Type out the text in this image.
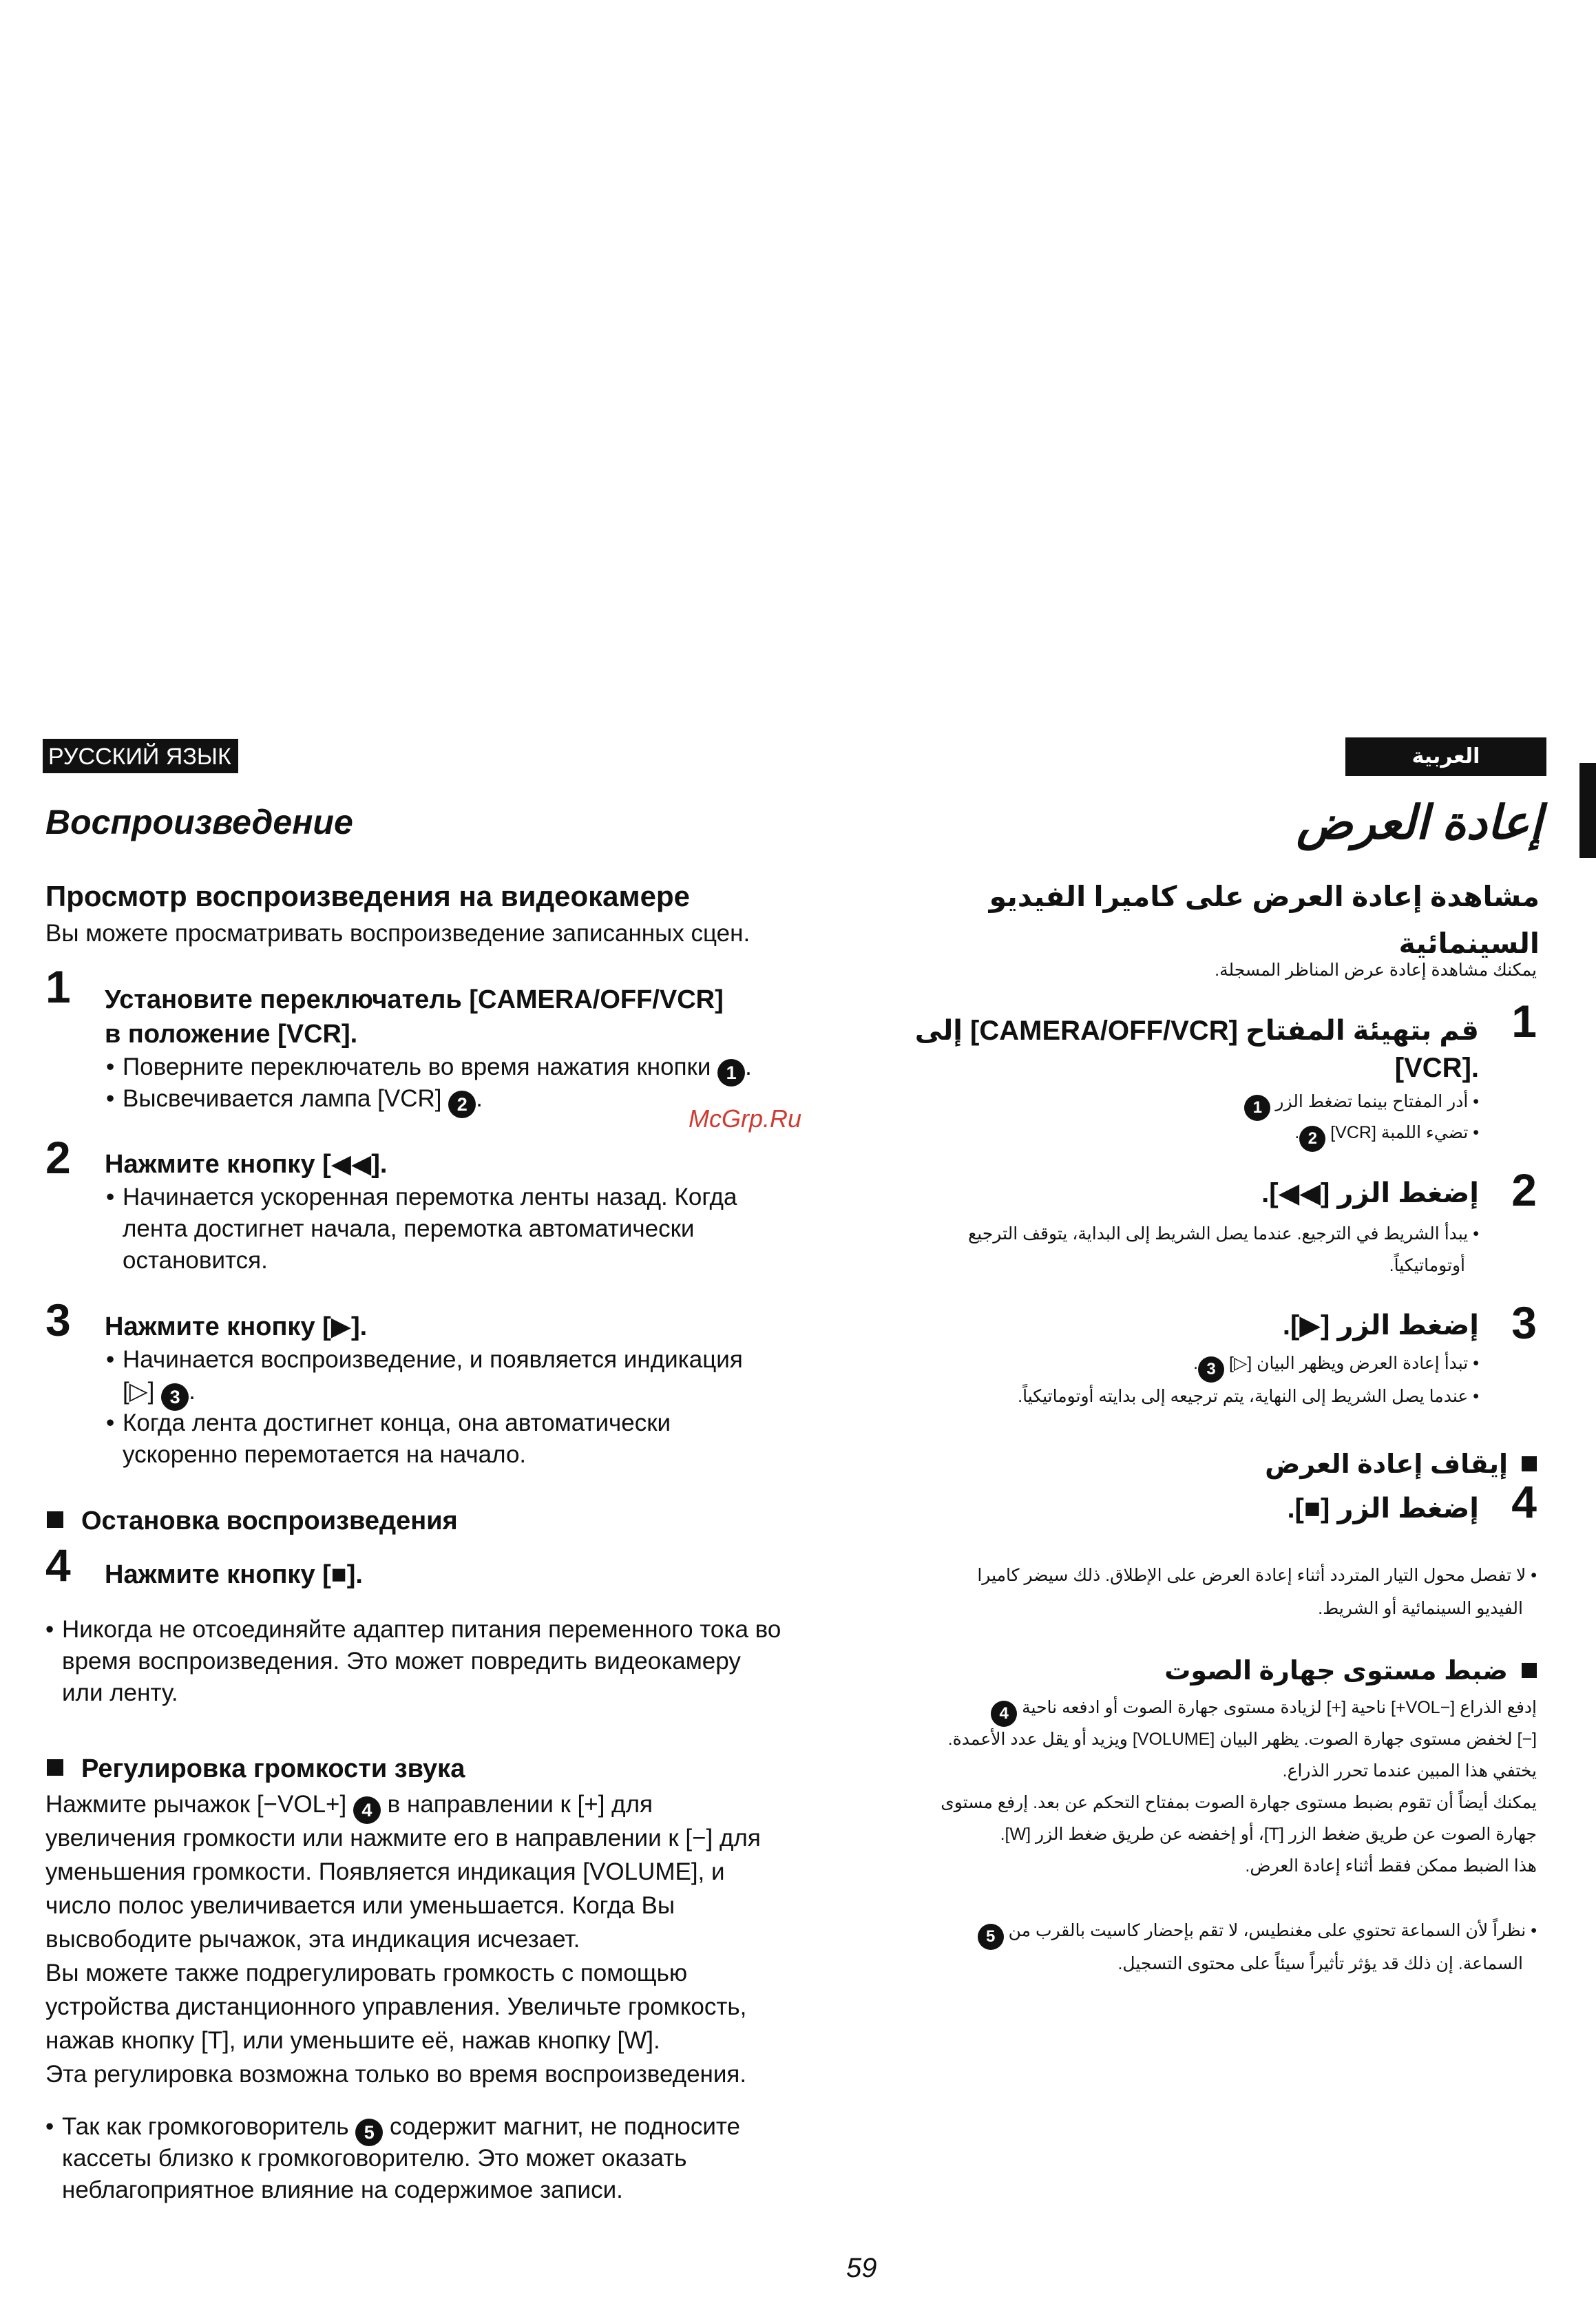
РУССКИЙ ЯЗЫК
Воспроизведение
Просмотр воспроизведения на видеокамере
Вы можете просматривать воспроизведение записанных сцен.
1 Установите переключатель [CAMERA/OFF/VCR]
в положение [VCR].
• Поверните переключатель во время нажатия кнопки 1 .
• Высвечивается лампа [VCR] 2 .
2 Нажмите кнопку [◀◀].
• Начинается ускоренная перемотка ленты назад. Когда
лента достигнет начала, перемотка автоматически
остановится.
3 Нажмите кнопку [▶].
• Начинается воспроизведение, и появляется индикация
[▷] 3 .
• Когда лента достигнет конца, она автоматически
ускоренно перемотается на начало.
Остановка воспроизведения
4 Нажмите кнопку [■].
• Никогда не отсоединяйте адаптер питания переменного тока во
время воспроизведения. Это может повредить видеокамеру
или ленту.
Регулировка громкости звука
Нажмите рычажок [−VOL+] 4 в направлении к [+] для
увеличения громкости или нажмите его в направлении к [−] для
уменьшения громкости. Появляется индикация [VOLUME], и
число полос увеличивается или уменьшается. Когда Вы
высвободите рычажок, эта индикация исчезает.
Вы можете также подрегулировать громкость с помощью
устройства дистанционного управления. Увеличьте громкость,
нажав кнопку [T], или уменьшите её, нажав кнопку [W].
Эта регулировка возможна только во время воспроизведения.
• Так как громкоговоритель 5 содержит магнит, не подносите
кассеты близко к громкоговорителю. Это может оказать
неблагоприятное влияние на содержимое записи.
McGrp.Ru
العربية
إعادة العرض
مشاهدة إعادة العرض على كاميرا الفيديو السينمائية
يمكنك مشاهدة إعادة عرض المناظر المسجلة.
1
قم بتهيئة المفتاح [CAMERA/OFF/VCR] إلى
.[VCR]
• أدر المفتاح بينما تضغط الزر 1
• تضيء اللمبة [VCR] 2.
2
إضغط الزر [◀◀].
• يبدأ الشريط في الترجيع. عندما يصل الشريط إلى البداية، يتوقف الترجيع
أوتوماتيكياً.
3
إضغط الزر [▶].
• تبدأ إعادة العرض ويظهر البيان [▷] 3.
• عندما يصل الشريط إلى النهاية، يتم ترجيعه إلى بدايته أوتوماتيكياً.
إيقاف إعادة العرض
4
إضغط الزر [■].
• لا تفصل محول التيار المتردد أثناء إعادة العرض على الإطلاق. ذلك سيضر كاميرا
الفيديو السينمائية أو الشريط.
ضبط مستوى جهارة الصوت
إدفع الذراع [−VOL+] ناحية [+] لزيادة مستوى جهارة الصوت أو ادفعه ناحية 4
[−] لخفض مستوى جهارة الصوت. يظهر البيان [VOLUME] ويزيد أو يقل عدد الأعمدة.
يختفي هذا المبين عندما تحرر الذراع.
يمكنك أيضاً أن تقوم بضبط مستوى جهارة الصوت بمفتاح التحكم عن بعد. إرفع مستوى
جهارة الصوت عن طريق ضغط الزر [T]، أو إخفضه عن طريق ضغط الزر [W].
هذا الضبط ممكن فقط أثناء إعادة العرض.
• نظراً لأن السماعة تحتوي على مغنطيس، لا تقم بإحضار كاسيت بالقرب من 5
السماعة. إن ذلك قد يؤثر تأثيراً سيئاً على محتوى التسجيل.
59
